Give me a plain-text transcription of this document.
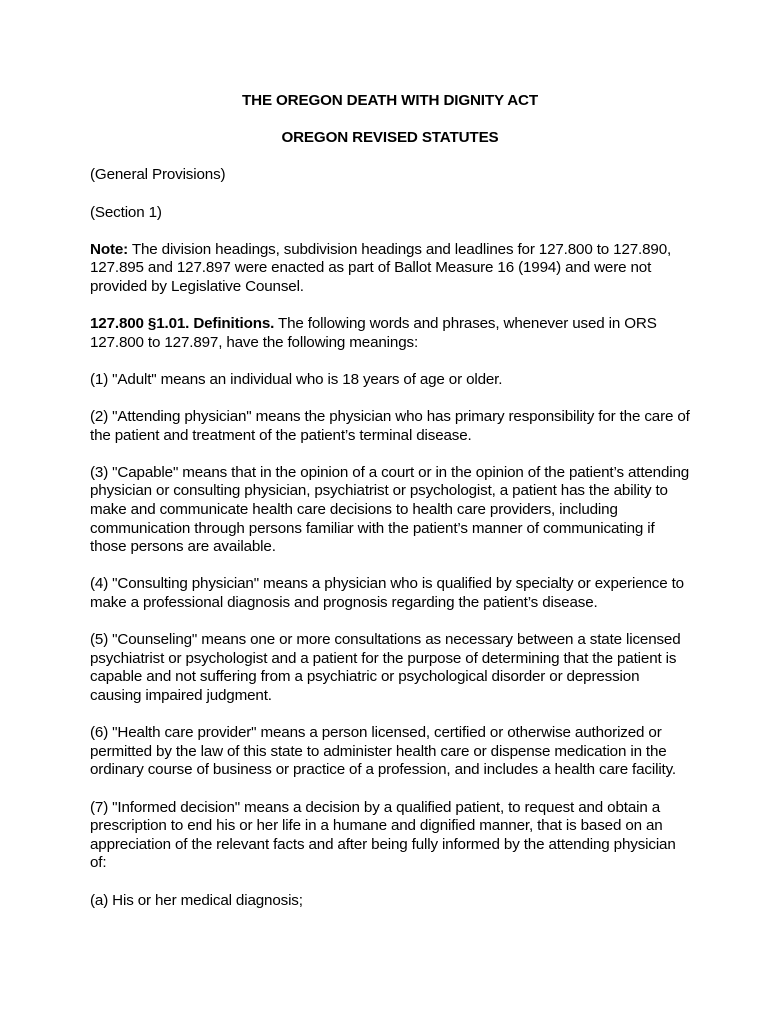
THE OREGON DEATH WITH DIGNITY ACT

OREGON REVISED STATUTES

(General Provisions)

(Section 1)

Note: The division headings, subdivision headings and leadlines for 127.800 to 127.890, 127.895 and 127.897 were enacted as part of Ballot Measure 16 (1994) and were not provided by Legislative Counsel.

127.800 §1.01. Definitions. The following words and phrases, whenever used in ORS 127.800 to 127.897, have the following meanings:

(1) "Adult" means an individual who is 18 years of age or older.

(2) "Attending physician" means the physician who has primary responsibility for the care of the patient and treatment of the patient’s terminal disease.

(3) "Capable" means that in the opinion of a court or in the opinion of the patient’s attending physician or consulting physician, psychiatrist or psychologist, a patient has the ability to make and communicate health care decisions to health care providers, including communication through persons familiar with the patient’s manner of communicating if those persons are available.

(4) "Consulting physician" means a physician who is qualified by specialty or experience to make a professional diagnosis and prognosis regarding the patient’s disease.

(5) "Counseling" means one or more consultations as necessary between a state licensed psychiatrist or psychologist and a patient for the purpose of determining that the patient is capable and not suffering from a psychiatric or psychological disorder or depression causing impaired judgment.

(6) "Health care provider" means a person licensed, certified or otherwise authorized or permitted by the law of this state to administer health care or dispense medication in the ordinary course of business or practice of a profession, and includes a health care facility.

(7) "Informed decision" means a decision by a qualified patient, to request and obtain a prescription to end his or her life in a humane and dignified manner, that is based on an appreciation of the relevant facts and after being fully informed by the attending physician of:

(a) His or her medical diagnosis;
